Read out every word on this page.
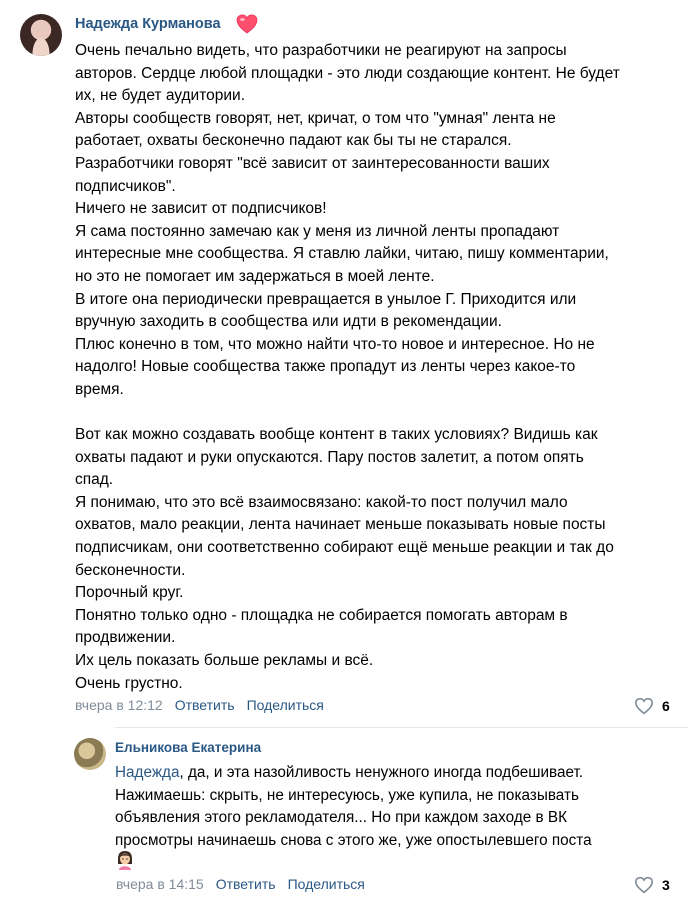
Надежда Курманова
Очень печально видеть, что разработчики не реагируют на запросы
авторов. Сердце любой площадки - это люди создающие контент. Не будет
их, не будет аудитории.
Авторы сообществ говорят, нет, кричат, о том что "умная" лента не
работает, охваты бесконечно падают как бы ты не старался.
Разработчики говорят "всё зависит от заинтересованности ваших
подписчиков".
Ничего не зависит от подписчиков!
Я сама постоянно замечаю как у меня из личной ленты пропадают
интересные мне сообщества. Я ставлю лайки, читаю, пишу комментарии,
но это не помогает им задержаться в моей ленте.
В итоге она периодически превращается в унылое Г. Приходится или
вручную заходить в сообщества или идти в рекомендации.
Плюс конечно в том, что можно найти что-то новое и интересное. Но не
надолго! Новые сообщества также пропадут из ленты через какое-то
время.

Вот как можно создавать вообще контент в таких условиях? Видишь как
охваты падают и руки опускаются. Пару постов залетит, а потом опять
спад.
Я понимаю, что это всё взаимосвязано: какой-то пост получил мало
охватов, мало реакции, лента начинает меньше показывать новые посты
подписчикам, они соответственно собирают ещё меньше реакции и так до
бесконечности.
Порочный круг.
Понятно только одно - площадка не собирается помогать авторам в
продвижении.
Их цель показать больше рекламы и всё.
Очень грустно.
вчера в 12:12 Ответить Поделиться	6
Ельникова Екатерина
Надежда, да, и эта назойливость ненужного иногда подбешивает.
Нажимаешь: скрыть, не интересуюсь, уже купила, не показывать
объявления этого рекламодателя... Но при каждом заходе в ВК
просмотры начинаешь снова с этого же, уже опостылевшего поста
вчера в 14:15 Ответить Поделиться	3
